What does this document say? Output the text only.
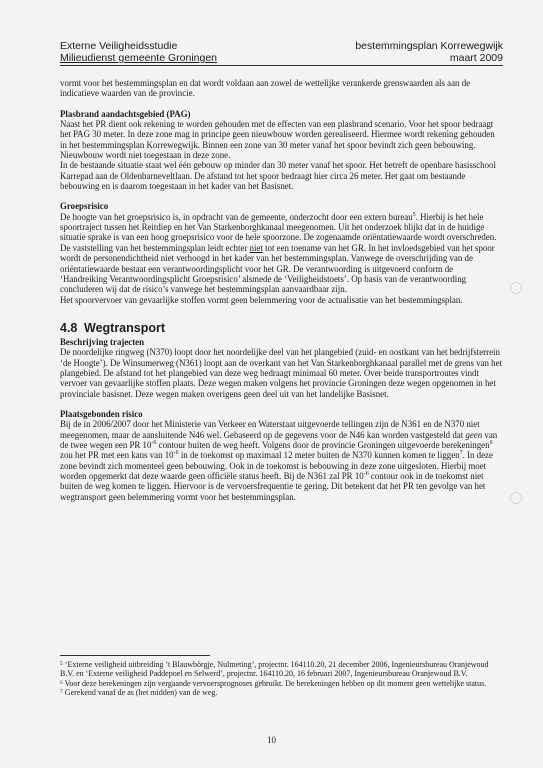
Externe Veiligheidsstudie
Milieudienst gemeente Groningen
bestemmingsplan Korrewegwijk
maart 2009

vormt voor het bestemmingsplan en dat wordt voldaan aan zowel de wettelijke verankerde grenswaarden als aan de indicatieve waarden van de provincie.

Plasbrand aandachtsgebied (PAG)

Naast het PR dient ook rekening te worden gehouden met de effecten van een plasbrand scenario. Voor het spoor bedraagt het PAG 30 meter. In deze zone mag in principe geen nieuwbouw worden gerealiseerd. Hiermee wordt rekening gehouden in het bestemmingsplan Korrewegwijk. Binnen een zone van 30 meter vanaf het spoor bevindt zich geen bebouwing. Nieuwbouw wordt niet toegestaan in deze zone.

In de bestaande situatie staat wel één gebouw op minder dan 30 meter vanaf het spoor. Het betreft de openbare basisschool Karrepad aan de Oldenbarneveltlaan. De afstand tot het spoor bedraagt hier circa 26 meter. Het gaat om bestaande bebouwing en is daarom toegestaan in het kader van het Basisnet.

Groepsrisico

De hoogte van het groepsrisico is, in opdracht van de gemeente, onderzocht door een extern bureau$^5$. Hierbij is het hele spoortraject tussen het Reitdiep en het Van Starkenborghkanaal meegenomen. Uit het onderzoek blijkt dat in de huidige situatie sprake is van een hoog groepsrisico voor de hele spoorzone. De zogenaamde oriëntatiewaarde wordt overschreden. De vaststelling van het bestemmingsplan leidt echter niet tot een toename van het GR. In het invloedsgebied van het spoor wordt de personendichtheid niet verhoogd in het kader van het bestemmingsplan. Vanwege de overschrijding van de oriëntatiewaarde bestaat een verantwoordingsplicht voor het GR. De verantwoording is uitgevoerd conform de ‘Handreiking Verantwoordingsplicht Groepsrisico’ alsmede de ‘Veiligheidstoets’. Op basis van de verantwoording concluderen wij dat de risico’s vanwege het bestemmingsplan aanvaardbaar zijn.

Het spoorvervoer van gevaarlijke stoffen vormt geen belemmering voor de actualisatie van het bestemmingsplan.

4.8 Wegtransport

Beschrijving trajecten

De noordelijke ringweg (N370) loopt door het noordelijke deel van het plangebied (zuid- en oostkant van het bedrijfsterrein ‘de Hoogte’). De Winsumerweg (N361) loopt aan de overkant van het Van Starkenborghkanaal parallel met de grens van het plangebied. De afstand tot het plangebied van deze weg bedraagt minimaal 60 meter. Over beide transportroutes vindt vervoer van gevaarlijke stoffen plaats. Deze wegen maken volgens het provincie Groningen deze wegen opgenomen in het provinciale basisnet. Deze wegen maken overigens geen deel uit van het landelijke Basisnet.

Plaatsgebonden risico

Bij de in 2006/2007 door het Ministerie van Verkeer en Waterstaat uitgevoerde tellingen zijn de N361 en de N370 niet meegenomen, maar de aansluitende N46 wel. Gebaseerd op de gegevens voor de N46 kan worden vastgesteld dat geen van de twee wegen een PR $10^{-6}$ contour buiten de weg heeft. Volgens door de provincie Groningen uitgevoerde berekeningen$^6$ zou het PR met een kans van $10^{-6}$ in de toekomst op maximaal 12 meter buiten de N370 kunnen komen te liggen$^7$. In deze zone bevindt zich momenteel geen bebouwing. Ook in de toekomst is bebouwing in deze zone uitgesloten. Hierbij moet worden opgemerkt dat deze waarde geen officiële status heeft. Bij de N361 zal PR $10^{-6}$ contour ook in de toekomst niet buiten de weg komen te liggen. Hiervoor is de vervoersfrequentie te gering. Dit betekent dat het PR ten gevolge van het wegtransport geen belemmering vormt voor het bestemmingsplan.

⁵ ‘Externe veiligheid uitbreiding ’t Blauwbörgje, Nulmeting’, projectnr. 164110.20, 21 december 2006, Ingenieursbureau Oranjewoud B.V. en ‘Externe veiligheid Paddepoel en Selwerd’, projectnr. 164110.20, 16 februari 2007, Ingenieursbureau Oranjewoud B.V.

⁶ Voor deze berekeningen zijn vergaande vervoersprognoses gebruikt. De berekeningen hebben op dit moment geen wettelijke status.

⁷ Gerekend vanaf de as (het midden) van de weg.

10
